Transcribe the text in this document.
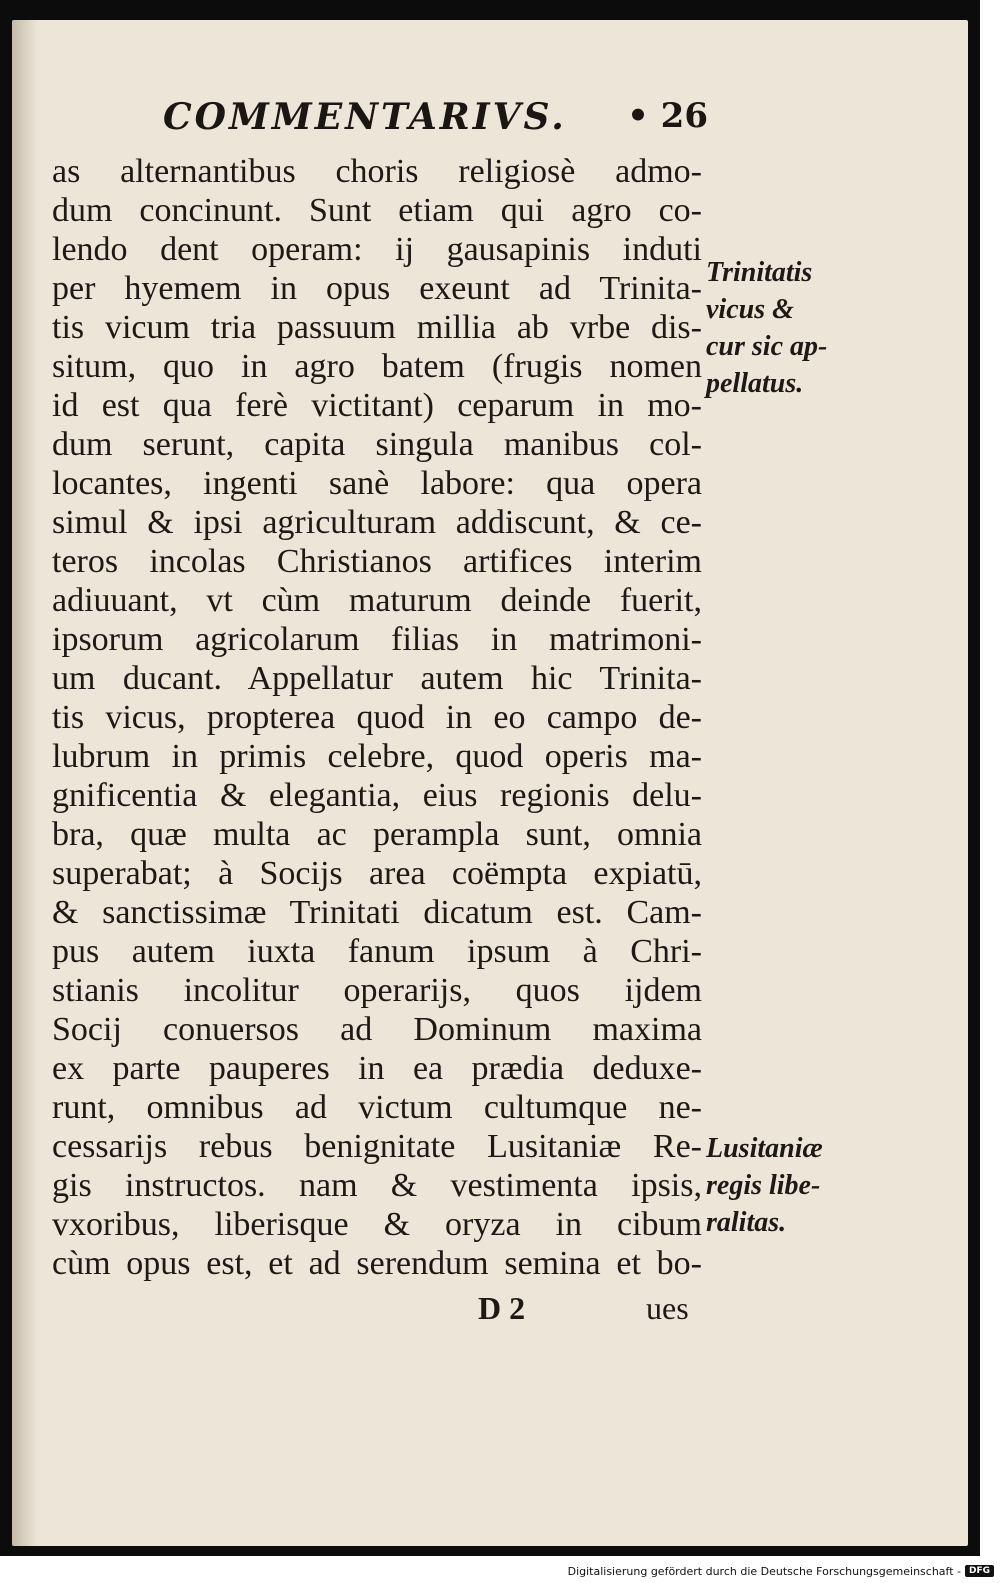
COMMENTARIVS. • 26
as alternantibus choris religiosè admo-
dum concinunt. Sunt etiam qui agro co-
lendo dent operam: ij gausapinis induti
per hyemem in opus exeunt ad Trinita-
tis vicum tria passuum millia ab vrbe dis-
situm, quo in agro batem (frugis nomen
id est qua ferè victitant) ceparum in mo-
dum serunt, capita singula manibus col-
locantes, ingenti sanè labore: qua opera
simul & ipsi agriculturam addiscunt, & ce-
teros incolas Christianos artifices interim
adiuuant, vt cùm maturum deinde fuerit,
ipsorum agricolarum filias in matrimoni-
um ducant. Appellatur autem hic Trinita-
tis vicus, propterea quod in eo campo de-
lubrum in primis celebre, quod operis ma-
gnificentia & elegantia, eius regionis delu-
bra, quæ multa ac perampla sunt, omnia
superabat; à Socijs area coëmpta expiatū,
& sanctissimæ Trinitati dicatum est. Cam-
pus autem iuxta fanum ipsum à Chri-
stianis incolitur operarijs, quos ijdem
Socij conuersos ad Dominum maxima
ex parte pauperes in ea prædia deduxe-
runt, omnibus ad victum cultumque ne-
cessarijs rebus benignitate Lusitaniæ Re-
gis instructos. nam & vestimenta ipsis,
vxoribus, liberisque & oryza in cibum
cùm opus est, et ad serendum semina et bo-
Trinitatis
vicus &
cur sic ap-
pellatus.
Lusitaniæ
regis libe-
ralitas.
D 2	ues
Digitalisierung gefördert durch die Deutsche Forschungsgemeinschaft - DFG
